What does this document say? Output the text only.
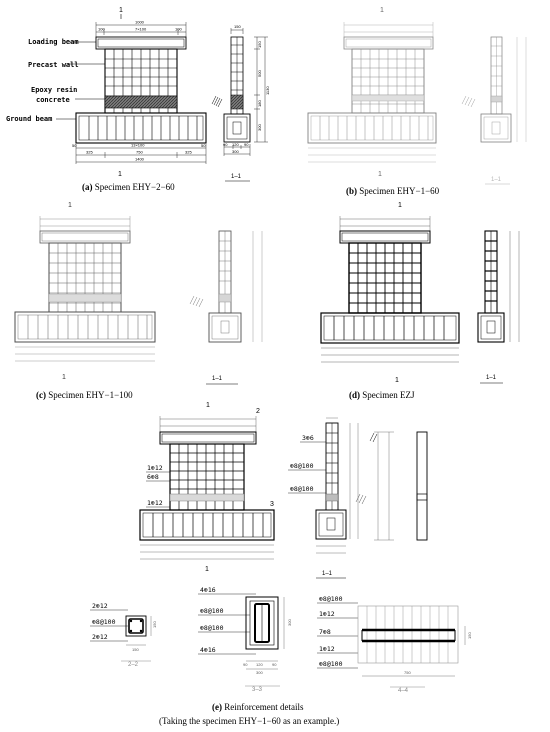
1
1000
100	7×100	100
50	13×100	50
325	750	325
1400
1
Loading beam
Precast wall
Epoxy resin
concrete
Ground beam
150
150
500
180
300
1130
90 120 90
300
1–1
(a) Specimen EHY−2−60
1
1
1–1
(b) Specimen EHY−1−60
1
1	1–1
(c) Specimen EHY−1−100
1
1	1–1
(d) Specimen EZJ
1
2
3
1
1⊕12
6⊕8
1⊕12
3⊕6
⊕8@100
⊕8@100
1–1
2⊕12
⊕8@100
2⊕12
150
150
2–2
4⊕16
⊕8@100
⊕8@100
4⊕16
300
90 120 90
300
3–3
⊕8@100
1⊕12
7⊕8
1⊕12
⊕8@100
150
750
4–4
(e) Reinforcement details
(Taking the specimen EHY−1−60 as an example.)
